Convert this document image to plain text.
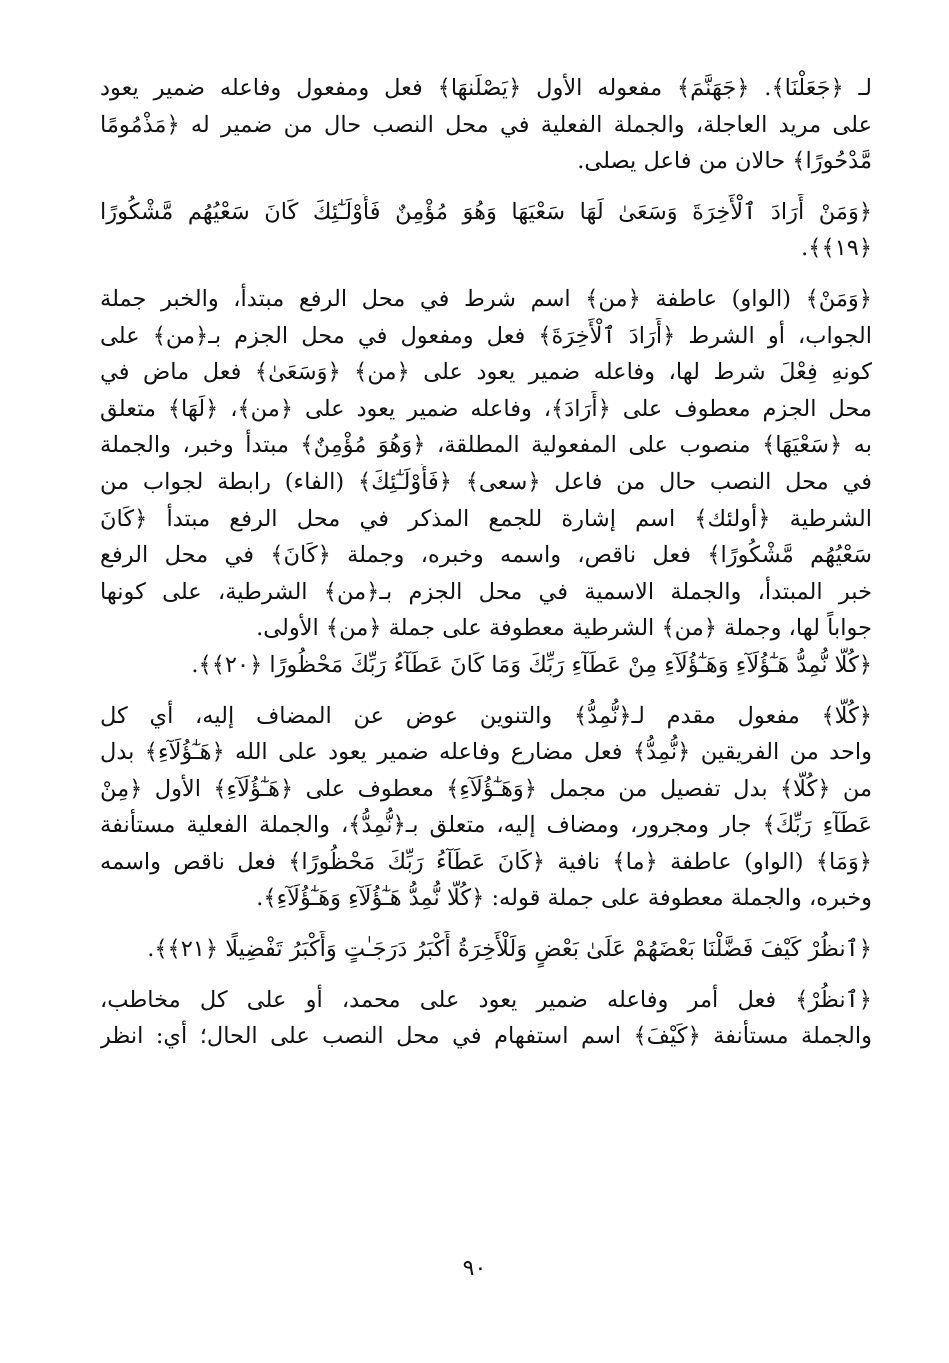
لـ ﴿جَعَلْنَا﴾. ﴿جَهَنَّمَ﴾ مفعوله الأول ﴿يَصْلَنهَا﴾ فعل ومفعول وفاعله ضمير يعود
على مريد العاجلة، والجملة الفعلية في محل النصب حال من ضمير له ﴿مَذْمُومًا
مَّدْحُورًا﴾ حالان من فاعل يصلى.
﴿وَمَنْ أَرَادَ ٱلْأَخِرَةَ وَسَعَىٰ لَهَا سَعْيَهَا وَهُوَ مُؤْمِنٌ فَأُوْلَـٰٓئِكَ كَانَ سَعْيُهُم مَّشْكُورًا
﴿١٩﴾﴾.
﴿وَمَنْ﴾ (الواو) عاطفة ﴿من﴾ اسم شرط في محل الرفع مبتدأ، والخبر جملة
الجواب، أو الشرط ﴿أَرَادَ ٱلْأَخِرَةَ﴾ فعل ومفعول في محل الجزم بـ﴿من﴾ على
كونهِ فِعْلَ شرط لها، وفاعله ضمير يعود على ﴿من﴾ ﴿وَسَعَىٰ﴾ فعل ماض في
محل الجزم معطوف على ﴿أَرَادَ﴾، وفاعله ضمير يعود على ﴿من﴾، ﴿لَهَا﴾ متعلق
به ﴿سَعْيَهَا﴾ منصوب على المفعولية المطلقة، ﴿وَهُوَ مُؤْمِنٌ﴾ مبتدأ وخبر، والجملة
في محل النصب حال من فاعل ﴿سعى﴾ ﴿فَأُوْلَـٰٓئِكَ﴾ (الفاء) رابطة لجواب من
الشرطية ﴿أولئك﴾ اسم إشارة للجمع المذكر في محل الرفع مبتدأ ﴿كَانَ
سَعْيُهُم مَّشْكُورًا﴾ فعل ناقص، واسمه وخبره، وجملة ﴿كَانَ﴾ في محل الرفع
خبر المبتدأ، والجملة الاسمية في محل الجزم بـ﴿من﴾ الشرطية، على كونها
جواباً لها، وجملة ﴿من﴾ الشرطية معطوفة على جملة ﴿من﴾ الأولى.
﴿كُلًّا نُّمِدُّ هَـٰٓؤُلَآءِ وَهَـٰٓؤُلَآءِ مِنْ عَطَآءِ رَبِّكَ وَمَا كَانَ عَطَآءُ رَبِّكَ مَحْظُورًا ﴿٢٠﴾﴾.
﴿كُلًّا﴾ مفعول مقدم لـ﴿نُّمِدُّ﴾ والتنوين عوض عن المضاف إليه، أي كل
واحد من الفريقين ﴿نُّمِدُّ﴾ فعل مضارع وفاعله ضمير يعود على الله ﴿هَـٰٓؤُلَآءِ﴾ بدل
من ﴿كُلًّا﴾ بدل تفصيل من مجمل ﴿وَهَـٰٓؤُلَآءِ﴾ معطوف على ﴿هَـٰٓؤُلَآءِ﴾ الأول ﴿مِنْ
عَطَآءِ رَبِّكَ﴾ جار ومجرور، ومضاف إليه، متعلق بـ﴿نُّمِدُّ﴾، والجملة الفعلية مستأنفة
﴿وَمَا﴾ (الواو) عاطفة ﴿ما﴾ نافية ﴿كَانَ عَطَآءُ رَبِّكَ مَحْظُورًا﴾ فعل ناقص واسمه
وخبره، والجملة معطوفة على جملة قوله: ﴿كُلًّا نُّمِدُّ هَـٰٓؤُلَآءِ وَهَـٰٓؤُلَآءِ﴾.
﴿ٱنظُرْ كَيْفَ فَضَّلْنَا بَعْضَهُمْ عَلَىٰ بَعْضٍ وَلَلْأَخِرَةُ أَكْبَرُ دَرَجَـٰتٍ وَأَكْبَرُ تَفْضِيلًا ﴿٢١﴾﴾.
﴿ٱنظُرْ﴾ فعل أمر وفاعله ضمير يعود على محمد، أو على كل مخاطب،
والجملة مستأنفة ﴿كَيْفَ﴾ اسم استفهام في محل النصب على الحال؛ أي: انظر
٩٠
